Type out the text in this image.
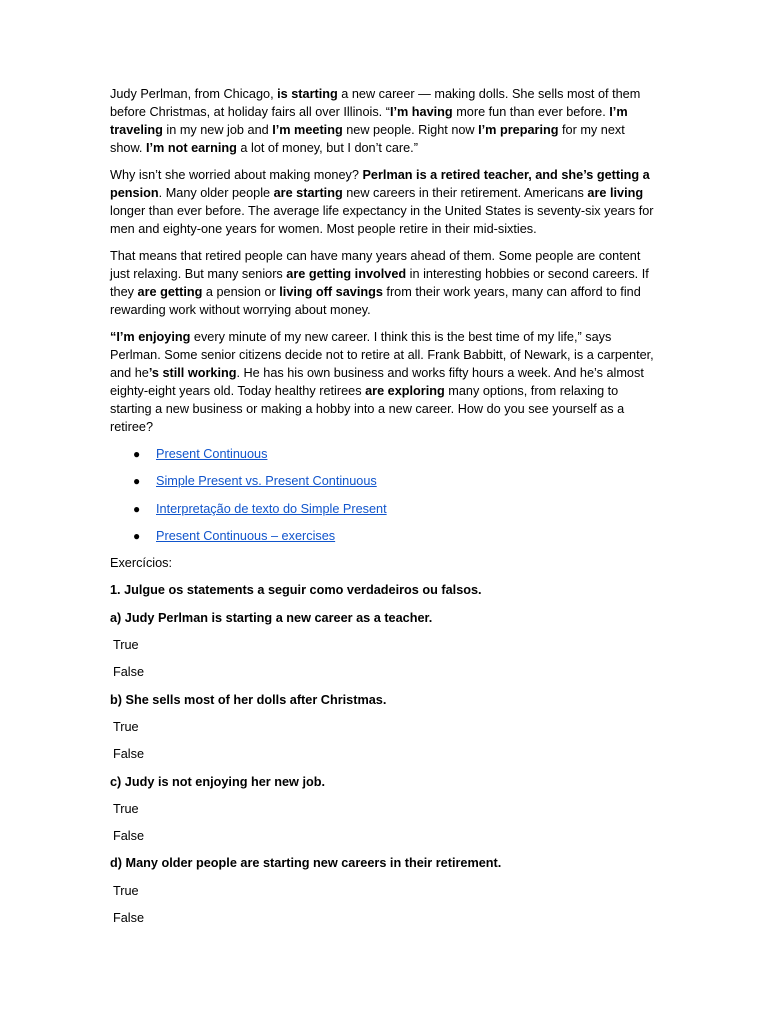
Judy Perlman, from Chicago, is starting a new career — making dolls. She sells most of them before Christmas, at holiday fairs all over Illinois. “I’m having more fun than ever before. I’m traveling in my new job and I’m meeting new people. Right now I’m preparing for my next show. I’m not earning a lot of money, but I don’t care.”

Why isn’t she worried about making money? Perlman is a retired teacher, and she’s getting a pension. Many older people are starting new careers in their retirement. Americans are living longer than ever before. The average life expectancy in the United States is seventy-six years for men and eighty-one years for women. Most people retire in their mid-sixties.

That means that retired people can have many years ahead of them. Some people are content just relaxing. But many seniors are getting involved in interesting hobbies or second careers. If they are getting a pension or living off savings from their work years, many can afford to find rewarding work without worrying about money.

“I’m enjoying every minute of my new career. I think this is the best time of my life,” says Perlman. Some senior citizens decide not to retire at all. Frank Babbitt, of Newark, is a carpenter, and he’s still working. He has his own business and works fifty hours a week. And he’s almost eighty-eight years old. Today healthy retirees are exploring many options, from relaxing to starting a new business or making a hobby into a new career. How do you see yourself as a retiree?

● Present Continuous
● Simple Present vs. Present Continuous
● Interpretação de texto do Simple Present
● Present Continuous – exercises

Exercícios:

1. Julgue os statements a seguir como verdadeiros ou falsos.

a) Judy Perlman is starting a new career as a teacher.

True

False

b) She sells most of her dolls after Christmas.

True

False

c) Judy is not enjoying her new job.

True

False

d) Many older people are starting new careers in their retirement.

True

False
